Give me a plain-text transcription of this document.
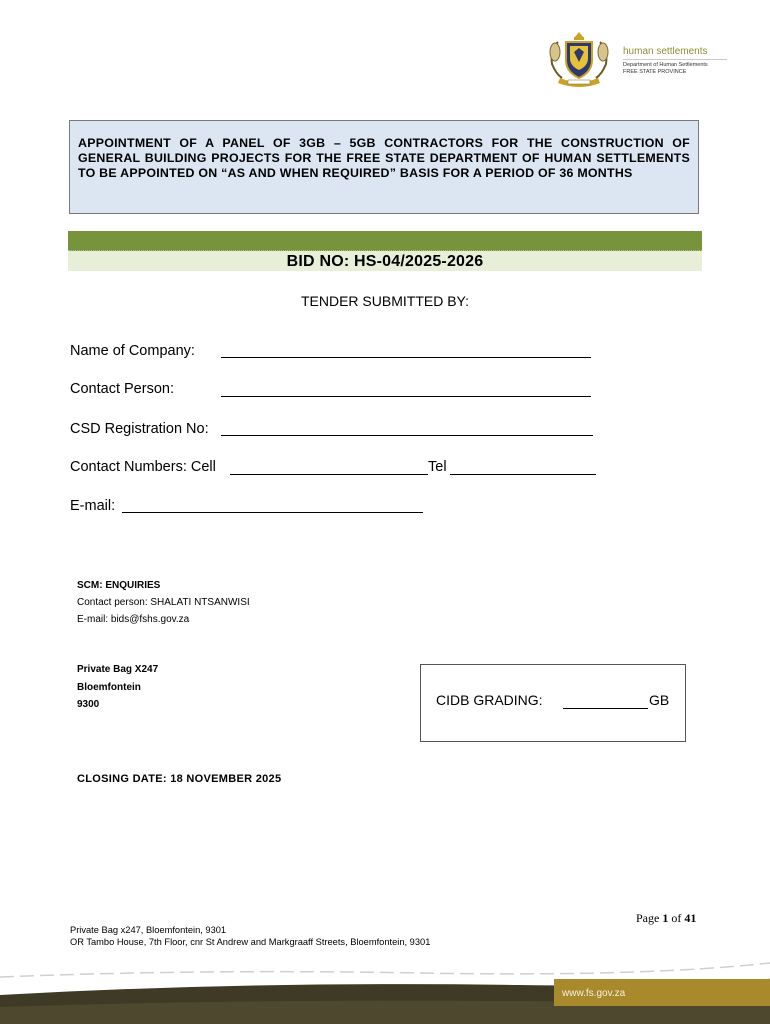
human settlements
Department of Human Settlements
FREE STATE PROVINCE

APPOINTMENT OF A PANEL OF 3GB – 5GB CONTRACTORS FOR THE CONSTRUCTION OF GENERAL BUILDING PROJECTS FOR THE FREE STATE DEPARTMENT OF HUMAN SETTLEMENTS TO BE APPOINTED ON “AS AND WHEN REQUIRED” BASIS FOR A PERIOD OF 36 MONTHS

BID NO: HS-04/2025-2026
TENDER SUBMITTED BY:
Name of Company:
Contact Person:
CSD Registration No:
Contact Numbers: Cell	Tel
E-mail:
SCM: ENQUIRIES
Contact person: SHALATI NTSANWISI
E-mail: bids@fshs.gov.za
Private Bag X247
Bloemfontein
9300	CIDB GRADING:	GB
CLOSING DATE: 18 NOVEMBER 2025
Page 1 of 41
Private Bag x247, Bloemfontein, 9301
OR Tambo House, 7th Floor, cnr St Andrew and Markgraaff Streets, Bloemfontein, 9301
www.fs.gov.za
